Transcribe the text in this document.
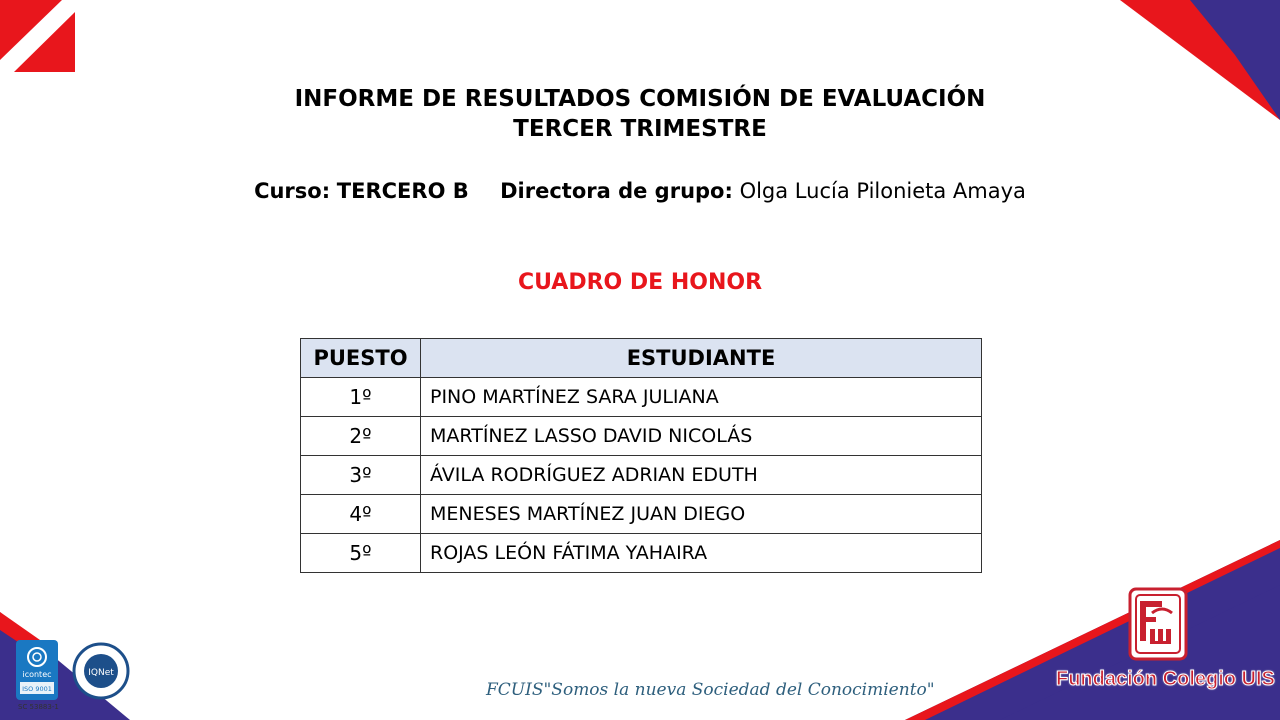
INFORME DE RESULTADOS COMISIÓN DE EVALUACIÓN
TERCER TRIMESTRE
Curso: TERCERO B Directora de grupo: Olga Lucía Pilonieta Amaya
CUADRO DE HONOR
PUESTO	ESTUDIANTE
1º	PINO MARTÍNEZ SARA JULIANA
2º	MARTÍNEZ LASSO DAVID NICOLÁS
3º	ÁVILA RODRÍGUEZ ADRIAN EDUTH
4º	MENESES MARTÍNEZ JUAN DIEGO
5º	ROJAS LEÓN FÁTIMA YAHAIRA
icontec
ISO 9001
IQNet
SC 53883-1
FCUIS"Somos la nueva Sociedad del Conocimiento"	Fundación Colegio UIS
